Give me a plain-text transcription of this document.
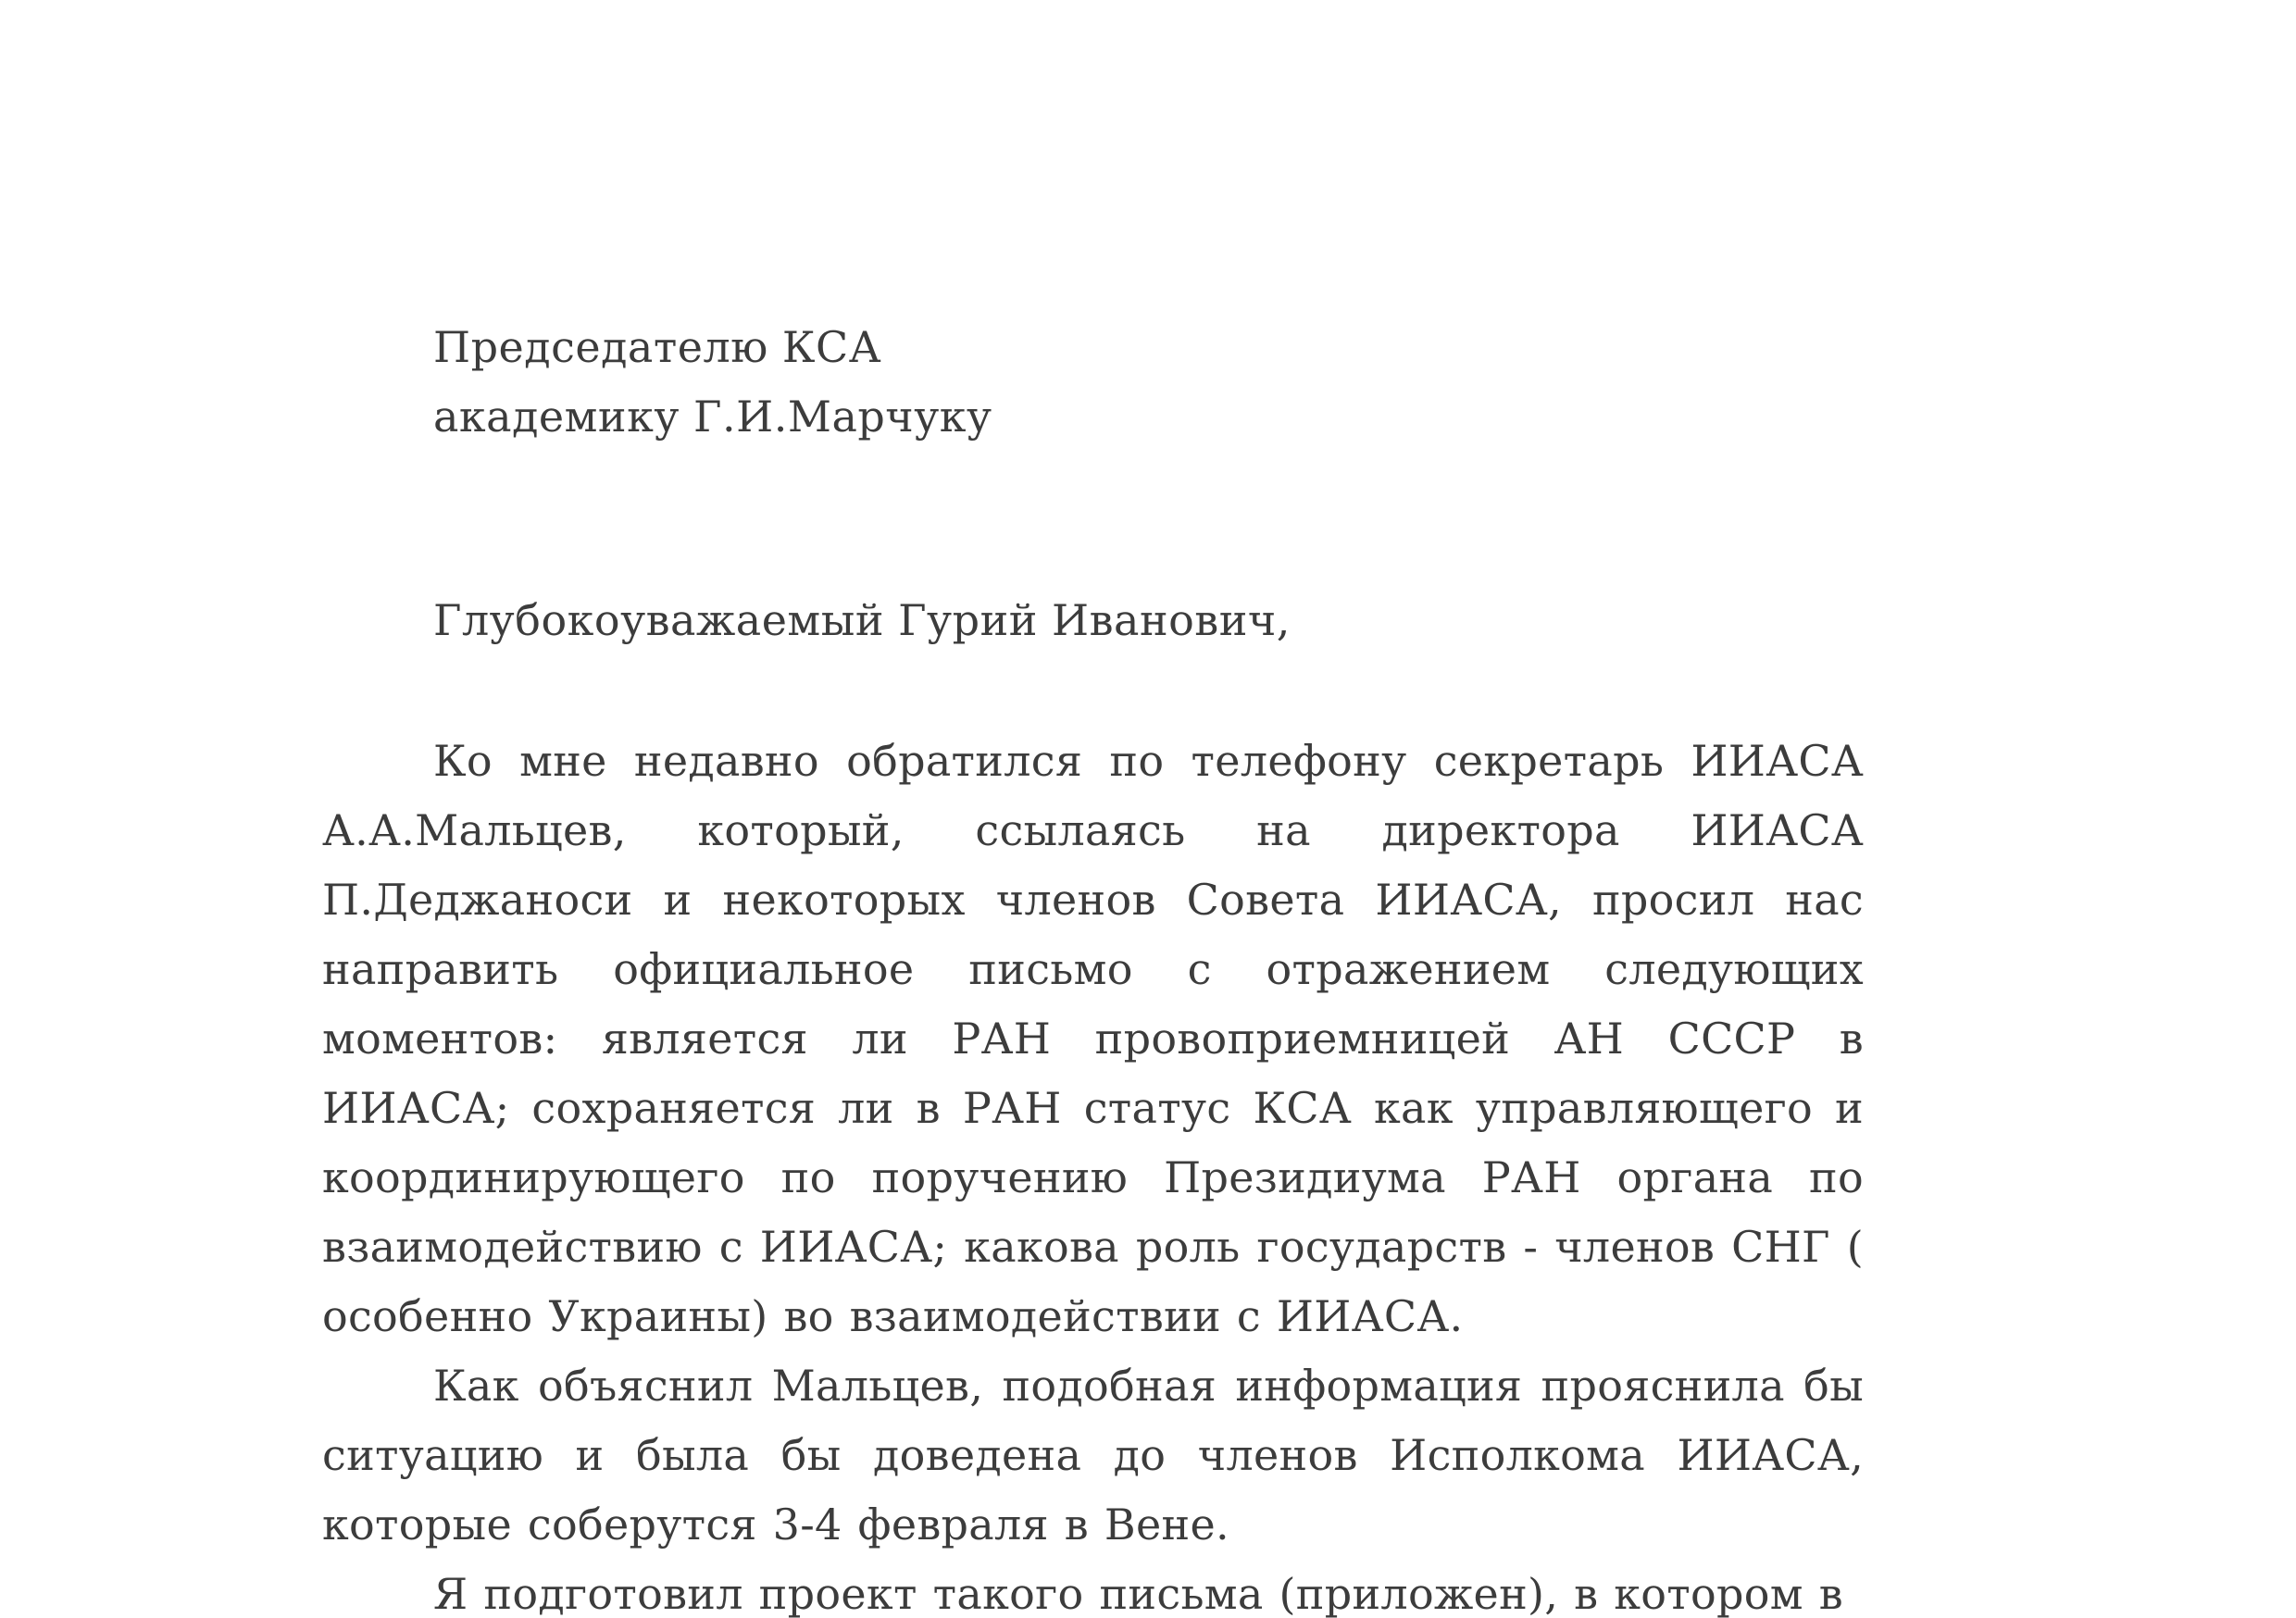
Председателю КСА
академику Г.И.Марчуку
Глубокоуважаемый Гурий Иванович,

Ко мне недавно обратился по телефону секретарь ИИАСА А.А.Мальцев, который, ссылаясь на директора ИИАСА П.Деджаноси и некоторых членов Совета ИИАСА, просил нас направить официальное письмо с отражением следующих моментов: является ли РАН провоприемницей АН СССР в ИИАСА; сохраняется ли в РАН статус КСА как управляющего и координирующего по поручению Президиума РАН органа по взаимодействию с ИИАСА; какова роль государств - членов СНГ ( особенно Украины) во взаимодействии с ИИАСА.

Как объяснил Мальцев, подобная информация прояснила бы ситуацию и была бы доведена до членов Исполкома ИИАСА, которые соберутся 3-4 февраля в Вене.

Я подготовил проект такого письма (приложен), в котором в
